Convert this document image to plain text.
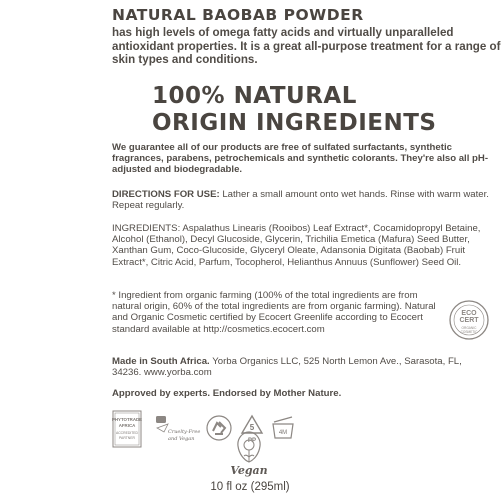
NATURAL BAOBAB POWDER
has high levels of omega fatty acids and virtually unparalleled antioxidant properties. It is a great all-purpose treatment for a range of skin types and conditions.
100% NATURAL
ORIGIN INGREDIENTS
We guarantee all of our products are free of sulfated surfactants, synthetic fragrances, parabens, petrochemicals and synthetic colorants. They're also all pH-adjusted and biodegradable.
DIRECTIONS FOR USE: Lather a small amount onto wet hands. Rinse with warm water. Repeat regularly.
INGREDIENTS: Aspalathus Linearis (Rooibos) Leaf Extract*, Cocamidopropyl Betaine, Alcohol (Ethanol), Decyl Glucoside, Glycerin, Trichilia Emetica (Mafura) Seed Butter, Xanthan Gum, Coco-Glucoside, Glyceryl Oleate, Adansonia Digitata (Baobab) Fruit Extract*, Citric Acid, Parfum, Tocopherol, Helianthus Annuus (Sunflower) Seed Oil.
* Ingredient from organic farming (100% of the total ingredients are from natural origin, 60% of the total ingredients are from organic farming). Natural and Organic Cosmetic certified by Ecocert Greenlife according to Ecocert standard available at http://cosmetics.ecocert.com
ECO
CERT
ORGANIC
COSMETIC
Made in South Africa. Yorba Organics LLC, 525 North Lemon Ave., Sarasota, FL, 34236. www.yorba.com
Approved by experts. Endorsed by Mother Nature.
PHYTOTRADE
AFRICA
ACCREDITED
PARTNER
Cruelty-Free
and Vegan
5
PP
4M
Vegan
10 fl oz (295ml)
